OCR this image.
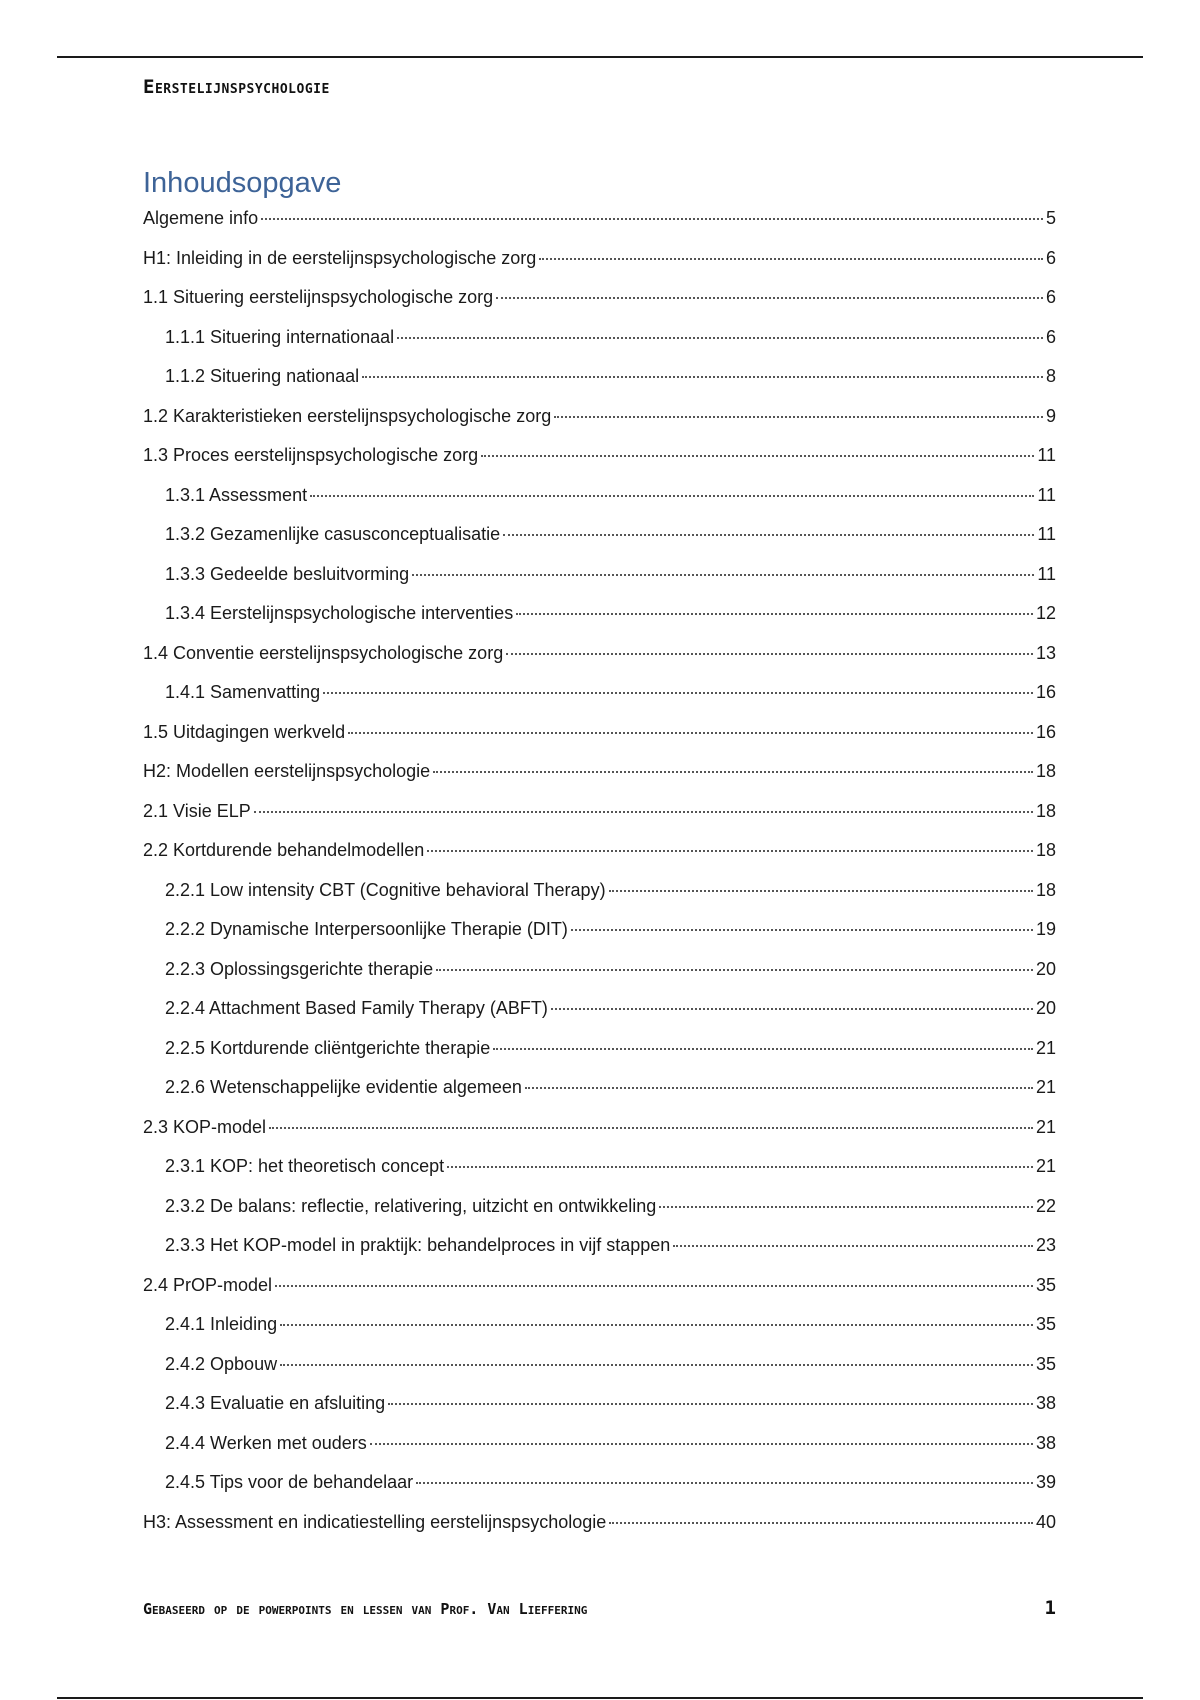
Eerstelijnspsychologie
Inhoudsopgave
Algemene info	5
H1: Inleiding in de eerstelijnspsychologische zorg	6
1.1 Situering eerstelijnspsychologische zorg	6
1.1.1 Situering internationaal	6
1.1.2 Situering nationaal	8
1.2 Karakteristieken eerstelijnspsychologische zorg	9
1.3 Proces eerstelijnspsychologische zorg	11
1.3.1 Assessment	11
1.3.2 Gezamenlijke casusconceptualisatie	11
1.3.3 Gedeelde besluitvorming	11
1.3.4 Eerstelijnspsychologische interventies	12
1.4 Conventie eerstelijnspsychologische zorg	13
1.4.1 Samenvatting	16
1.5 Uitdagingen werkveld	16
H2: Modellen eerstelijnspsychologie	18
2.1 Visie ELP	18
2.2 Kortdurende behandelmodellen	18
2.2.1 Low intensity CBT (Cognitive behavioral Therapy)	18
2.2.2 Dynamische Interpersoonlijke Therapie (DIT)	19
2.2.3 Oplossingsgerichte therapie	20
2.2.4 Attachment Based Family Therapy (ABFT)	20
2.2.5 Kortdurende cliëntgerichte therapie	21
2.2.6 Wetenschappelijke evidentie algemeen	21
2.3 KOP-model	21
2.3.1 KOP: het theoretisch concept	21
2.3.2 De balans: reflectie, relativering, uitzicht en ontwikkeling	22
2.3.3 Het KOP-model in praktijk: behandelproces in vijf stappen	23
2.4 PrOP-model	35
2.4.1 Inleiding	35
2.4.2 Opbouw	35
2.4.3 Evaluatie en afsluiting	38
2.4.4 Werken met ouders	38
2.4.5 Tips voor de behandelaar	39
H3: Assessment en indicatiestelling eerstelijnspsychologie	40
Gebaseerd op de powerpoints en lessen van Prof. Van Lieffering	1
